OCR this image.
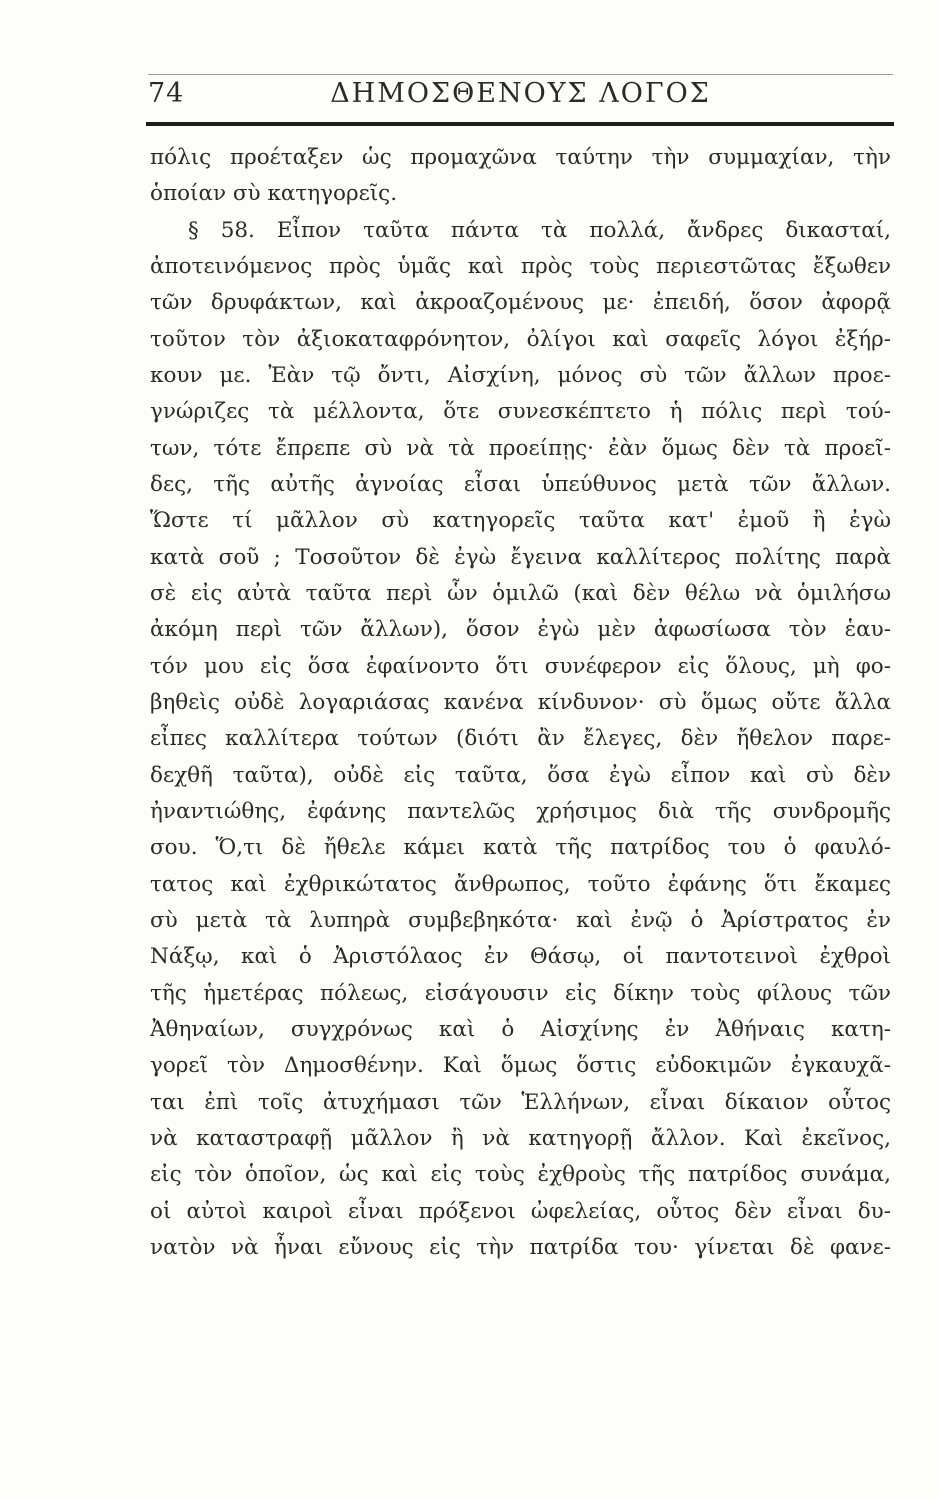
74	ΔΗΜΟΣΘΕΝΟΥΣ ΛΟΓΟΣ
πόλις προέταξεν ὡς προμαχῶνα ταύτην τὴν συμμαχίαν, τὴν
ὁποίαν σὺ κατηγορεῖς.
§ 58. Εἶπον ταῦτα πάντα τὰ πολλά, ἄνδρες δικασταί,
ἀποτεινόμενος πρὸς ὑμᾶς καὶ πρὸς τοὺς περιεστῶτας ἔξωθεν
τῶν δρυφάκτων, καὶ ἀκροαζομένους με· ἐπειδή, ὅσον ἀφορᾷ
τοῦτον τὸν ἀξιοκαταφρόνητον, ὀλίγοι καὶ σαφεῖς λόγοι ἐξήρ-
κουν με. Ἐὰν τῷ ὄντι, Αἰσχίνη, μόνος σὺ τῶν ἄλλων προε-
γνώριζες τὰ μέλλοντα, ὅτε συνεσκέπτετο ἡ πόλις περὶ τού-
των, τότε ἔπρεπε σὺ νὰ τὰ προείπῃς· ἐὰν ὅμως δὲν τὰ προεῖ-
δες, τῆς αὐτῆς ἀγνοίας εἶσαι ὑπεύθυνος μετὰ τῶν ἄλλων.
Ὥστε τί μᾶλλον σὺ κατηγορεῖς ταῦτα κατ' ἐμοῦ ἢ ἐγὼ
κατὰ σοῦ ; Τοσοῦτον δὲ ἐγὼ ἔγεινα καλλίτερος πολίτης παρὰ
σὲ εἰς αὐτὰ ταῦτα περὶ ὧν ὁμιλῶ (καὶ δὲν θέλω νὰ ὁμιλήσω
ἀκόμη περὶ τῶν ἄλλων), ὅσον ἐγὼ μὲν ἀφωσίωσα τὸν ἑαυ-
τόν μου εἰς ὅσα ἐφαίνοντο ὅτι συνέφερον εἰς ὅλους, μὴ φο-
βηθεὶς οὐδὲ λογαριάσας κανένα κίνδυνον· σὺ ὅμως οὔτε ἄλλα
εἶπες καλλίτερα τούτων (διότι ἂν ἔλεγες, δὲν ἤθελον παρε-
δεχθῆ ταῦτα), οὐδὲ εἰς ταῦτα, ὅσα ἐγὼ εἶπον καὶ σὺ δὲν
ἠναντιώθης, ἐφάνης παντελῶς χρήσιμος διὰ τῆς συνδρομῆς
σου. Ὅ,τι δὲ ἤθελε κάμει κατὰ τῆς πατρίδος του ὁ φαυλό-
τατος καὶ ἐχθρικώτατος ἄνθρωπος, τοῦτο ἐφάνης ὅτι ἔκαμες
σὺ μετὰ τὰ λυπηρὰ συμβεβηκότα· καὶ ἐνῷ ὁ Ἀρίστρατος ἐν
Νάξῳ, καὶ ὁ Ἀριστόλαος ἐν Θάσῳ, οἱ παντοτεινοὶ ἐχθροὶ
τῆς ἡμετέρας πόλεως, εἰσάγουσιν εἰς δίκην τοὺς φίλους τῶν
Ἀθηναίων, συγχρόνως καὶ ὁ Αἰσχίνης ἐν Ἀθήναις κατη-
γορεῖ τὸν Δημοσθένην. Καὶ ὅμως ὅστις εὐδοκιμῶν ἐγκαυχᾶ-
ται ἐπὶ τοῖς ἀτυχήμασι τῶν Ἑλλήνων, εἶναι δίκαιον οὗτος
νὰ καταστραφῇ μᾶλλον ἢ νὰ κατηγορῇ ἄλλον. Καὶ ἐκεῖνος,
εἰς τὸν ὁποῖον, ὡς καὶ εἰς τοὺς ἐχθροὺς τῆς πατρίδος συνάμα,
οἱ αὐτοὶ καιροὶ εἶναι πρόξενοι ὠφελείας, οὗτος δὲν εἶναι δυ-
νατὸν νὰ ἦναι εὔνους εἰς τὴν πατρίδα του· γίνεται δὲ φανε-
